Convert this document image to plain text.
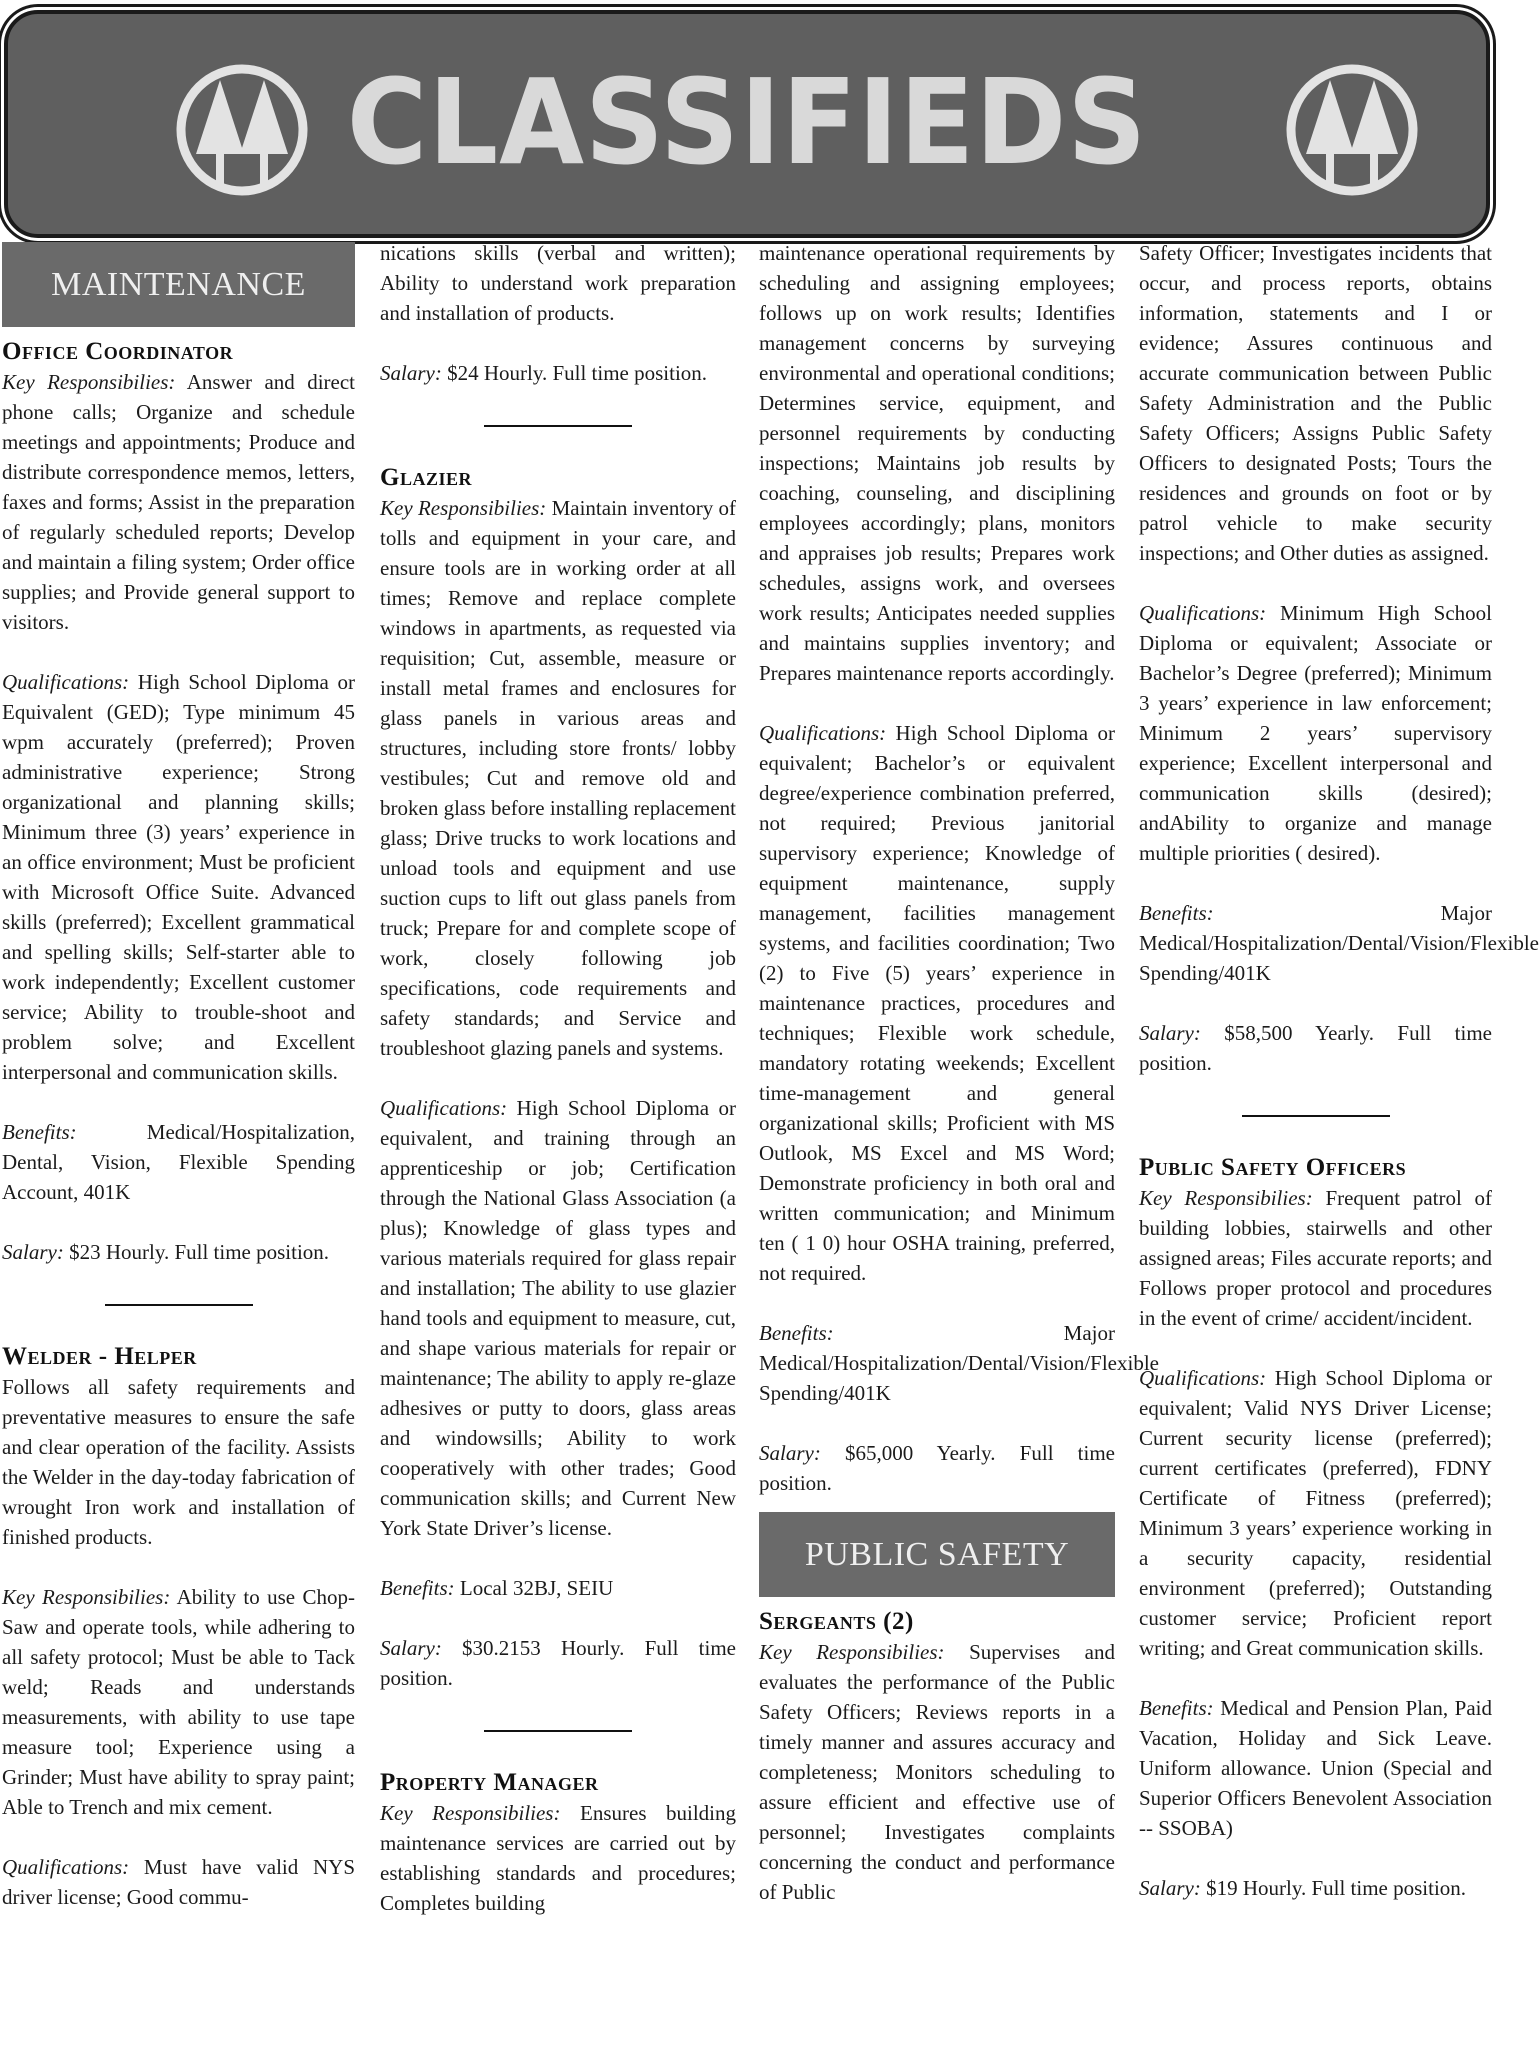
CLASSIFIEDS
MAINTENANCE
Office Coordinator

Key Responsibilies: Answer and direct phone calls; Organize and schedule meetings and appointments; Produce and distribute correspondence memos, letters, faxes and forms; Assist in the preparation of regularly scheduled reports; Develop and maintain a filing system; Order office supplies; and Provide general support to visitors.

Qualifications: High School Diploma or Equivalent (GED); Type minimum 45 wpm accurately (preferred); Proven administrative experience; Strong organizational and planning skills; Minimum three (3) years’ experience in an office environment; Must be proficient with Microsoft Office Suite. Advanced skills (preferred); Excellent grammatical and spelling skills; Self-starter able to work independently; Excellent customer service; Ability to trouble-shoot and problem solve; and Excellent interpersonal and communication skills.

Benefits:	Medical/Hospitalization, Dental, Vision, Flexible Spending Account, 401K

Salary: $23 Hourly. Full time position.

Welder - Helper

Follows all safety requirements and preventative measures to ensure the safe and clear operation of the facility. Assists the Welder in the day-today fabrication of wrought Iron work and installation of finished products.

Key Responsibilies: Ability to use Chop-Saw and operate tools, while adhering to all safety protocol; Must be able to Tack weld; Reads and understands measurements, with ability to use tape measure tool; Experience using a Grinder; Must have ability to spray paint; Able to Trench and mix cement.

Qualifications: Must have valid NYS driver license; Good commu-

nications skills (verbal and written); Ability to understand work preparation and installation of products.

Salary: $24 Hourly. Full time position.

Glazier

Key Responsibilies: Maintain inventory of tolls and equipment in your care, and ensure tools are in working order at all times; Remove and replace complete windows in apartments, as requested via requisition; Cut, assemble, measure or install metal frames and enclosures for glass panels in various areas and structures, including store fronts/ lobby vestibules; Cut and remove old and broken glass before installing replacement glass; Drive trucks to work locations and unload tools and equipment and use suction cups to lift out glass panels from truck; Prepare for and complete scope of work, closely following job specifications, code requirements and safety standards; and Service and troubleshoot glazing panels and systems.

Qualifications: High School Diploma or equivalent, and training through an apprenticeship or job; Certification through the National Glass Association (a plus); Knowledge of glass types and various materials required for glass repair and installation; The ability to use glazier hand tools and equipment to measure, cut, and shape various materials for repair or maintenance; The ability to apply re-glaze adhesives or putty to doors, glass areas and windowsills; Ability to work cooperatively with other trades; Good communication skills; and Current New York State Driver’s license.

Benefits: Local 32BJ, SEIU

Salary: $30.2153 Hourly. Full time position.

Property Manager

Key Responsibilies: Ensures building maintenance services are carried out by establishing standards and procedures; Completes building

maintenance operational requirements by scheduling and assigning employees; follows up on work results; Identifies management concerns by surveying environmental and operational conditions; Determines service, equipment, and personnel requirements by conducting inspections; Maintains job results by coaching, counseling, and disciplining employees accordingly; plans, monitors and appraises job results; Prepares work schedules, assigns work, and oversees work results; Anticipates needed supplies and maintains supplies inventory; and Prepares maintenance reports accordingly.

Qualifications: High School Diploma or equivalent; Bachelor’s or equivalent degree/experience combination preferred, not required; Previous janitorial supervisory experience; Knowledge of equipment maintenance, supply management, facilities management systems, and facilities coordination; Two (2) to Five (5) years’ experience in maintenance practices, procedures and techniques; Flexible work schedule, mandatory rotating weekends; Excellent time-management and general organizational skills; Proficient with MS Outlook, MS Excel and MS Word; Demonstrate proficiency in both oral and written communication; and Minimum ten ( 1 0) hour OSHA training, preferred, not required.

Benefits:	Major Medical/Hospitalization/Dental/Vision/Flexible Spending/401K

Salary: $65,000 Yearly. Full time position.

PUBLIC SAFETY
Sergeants (2)

Key Responsibilies: Supervises and evaluates the performance of the Public Safety Officers; Reviews reports in a timely manner and assures accuracy and completeness; Monitors scheduling to assure efficient and effective use of personnel; Investigates complaints concerning the conduct and performance of Public

Safety Officer; Investigates incidents that occur, and process reports, obtains information, statements and I or evidence; Assures continuous and accurate communication between Public Safety Administration and the Public Safety Officers; Assigns Public Safety Officers to designated Posts; Tours the residences and grounds on foot or by patrol vehicle to make security inspections; and Other duties as assigned.

Qualifications: Minimum High School Diploma or equivalent; Associate or Bachelor’s Degree (preferred); Minimum 3 years’ experience in law enforcement; Minimum 2 years’ supervisory experience; Excellent interpersonal and communication skills (desired); andAbility to organize and manage multiple priorities ( desired).

Benefits:	Major Medical/Hospitalization/Dental/Vision/Flexible Spending/401K

Salary: $58,500 Yearly. Full time position.

Public Safety Officers

Key Responsibilies: Frequent patrol of building lobbies, stairwells and other assigned areas; Files accurate reports; and Follows proper protocol and procedures in the event of crime/ accident/incident.

Qualifications: High School Diploma or equivalent; Valid NYS Driver License; Current security license (preferred); current certificates (preferred), FDNY Certificate of Fitness (preferred); Minimum 3 years’ experience working in a security capacity, residential environment (preferred); Outstanding customer service; Proficient report writing; and Great communication skills.

Benefits: Medical and Pension Plan, Paid Vacation, Holiday and Sick Leave. Uniform allowance. Union (Special and Superior Officers Benevolent Association -- SSOBA)

Salary: $19 Hourly. Full time position.
